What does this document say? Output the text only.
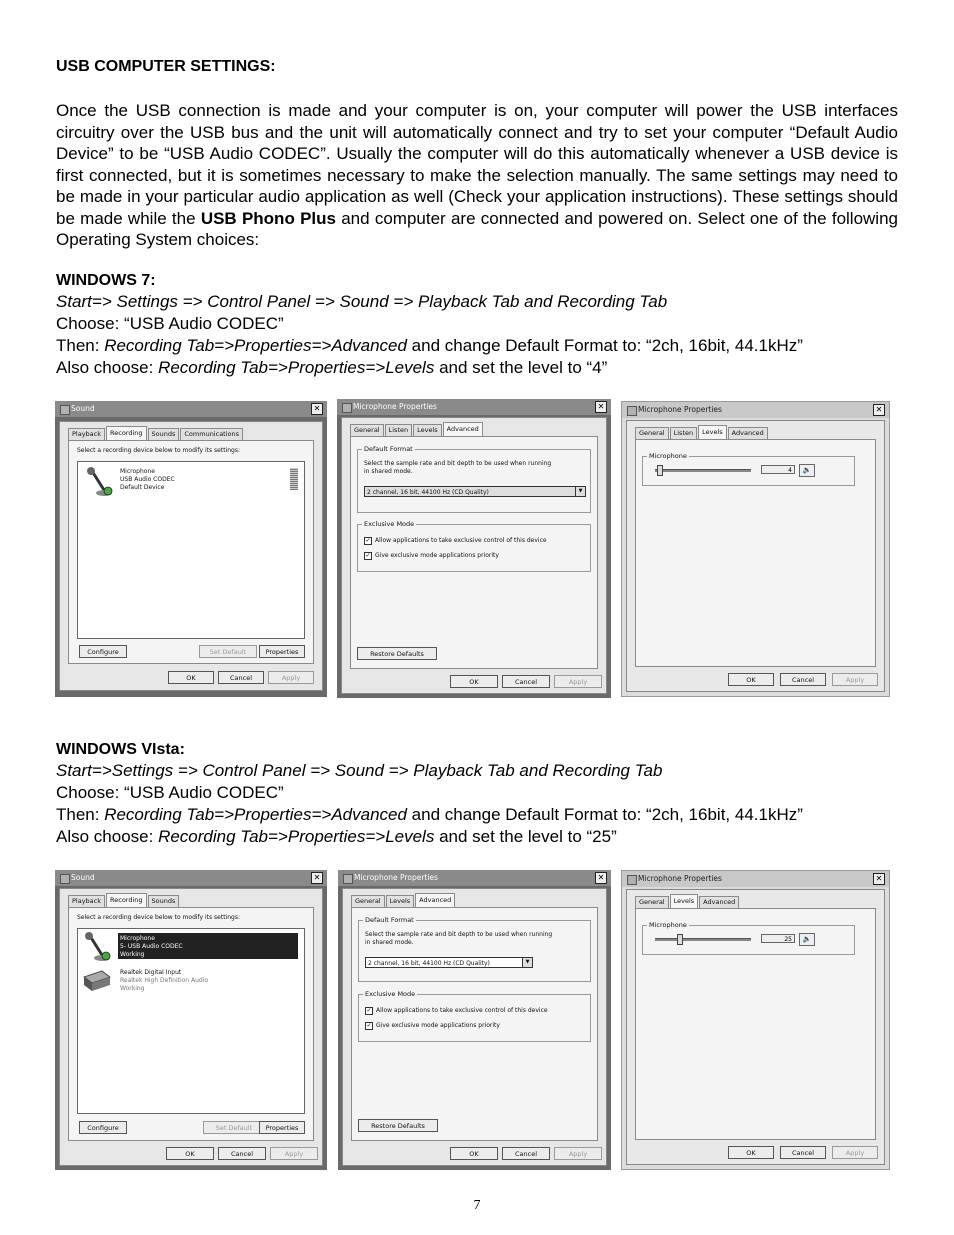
USB COMPUTER SETTINGS:
Once the USB connection is made and your computer is on, your computer will power the USB interfaces circuitry over the USB bus and the unit will automatically connect and try to set your computer “Default Audio Device” to be “USB Audio CODEC”. Usually the computer will do this automatically whenever a USB device is first connected, but it is sometimes necessary to make the selection manually. The same settings may need to be made in your particular audio application as well (Check your application instructions). These settings should be made while the USB Phono Plus and computer are connected and powered on. Select one of the following Operating System choices:
WINDOWS 7:
Start=> Settings => Control Panel => Sound => Playback Tab and Recording Tab
Choose: “USB Audio CODEC”
Then: Recording Tab=>Properties=>Advanced and change Default Format to: “2ch, 16bit, 44.1kHz”
Also choose: Recording Tab=>Properties=>Levels and set the level to “4”
WINDOWS VIsta:
Start=>Settings => Control Panel => Sound => Playback Tab and Recording Tab
Choose: “USB Audio CODEC”
Then: Recording Tab=>Properties=>Advanced and change Default Format to: “2ch, 16bit, 44.1kHz”
Also choose: Recording Tab=>Properties=>Levels and set the level to “25”
Sound	✕
Playback	Recording	Sounds	Communications
Select a recording device below to modify its settings:
Microphone
USB Audio CODEC
Default Device
Configure	Set Default	Properties
OK	Cancel	Apply
Microphone Properties	✕
General	Listen	Levels	Advanced
Default Format
Select the sample rate and bit depth to be used when running
in shared mode.
2 channel, 16 bit, 44100 Hz (CD Quality)	▼
Exclusive Mode
✓ Allow applications to take exclusive control of this device
✓ Give exclusive mode applications priority
Restore Defaults
OK	Cancel	Apply
Microphone Properties	✕
General	Listen	Levels	Advanced
Microphone
4	🔈
OK	Cancel	Apply
Sound	✕
Playback	Recording	Sounds
Select a recording device below to modify its settings:
Microphone
5- USB Audio CODEC
Working
Realtek Digital Input
Realtek High Definition Audio
Working
Configure	Set Default	Properties
OK	Cancel	Apply
Microphone Properties	✕
General	Levels	Advanced
Default Format
Select the sample rate and bit depth to be used when running
in shared mode.
2 channel, 16 bit, 44100 Hz (CD Quality)	▼
Exclusive Mode
✓ Allow applications to take exclusive control of this device
✓ Give exclusive mode applications priority
Restore Defaults
OK	Cancel	Apply
Microphone Properties	✕
General	Levels	Advanced
Microphone
25	🔈
OK	Cancel	Apply
7
